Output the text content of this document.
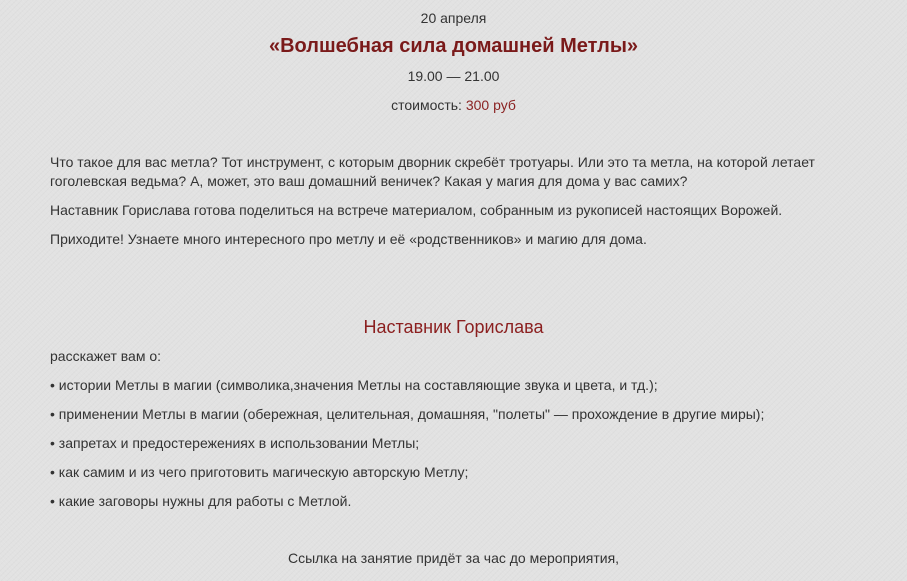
20 апреля
«Волшебная сила домашней Метлы»
19.00 — 21.00
стоимость: 300 руб

Что такое для вас метла? Тот инструмент, с которым дворник скребёт тротуары. Или это та метла, на которой летает гоголевская ведьма? А, может, это ваш домашний веничек? Какая у магия для дома у вас самих?

Наставник Горислава готова поделиться на встрече материалом, собранным из рукописей настоящих Ворожей.

Приходите! Узнаете много интересного про метлу и её «родственников» и магию для дома.

Наставник Горислава
расскажет вам о:
• истории Метлы в магии (символика,значения Метлы на составляющие звука и цвета, и тд.);
• применении Метлы в магии (обережная, целительная, домашняя, "полеты" — прохождение в другие миры);
• запретах и предостережениях в использовании Метлы;
• как самим и из чего приготовить магическую авторскую Метлу;
• какие заговоры нужны для работы с Метлой.
Ссылка на занятие придёт за час до мероприятия,
